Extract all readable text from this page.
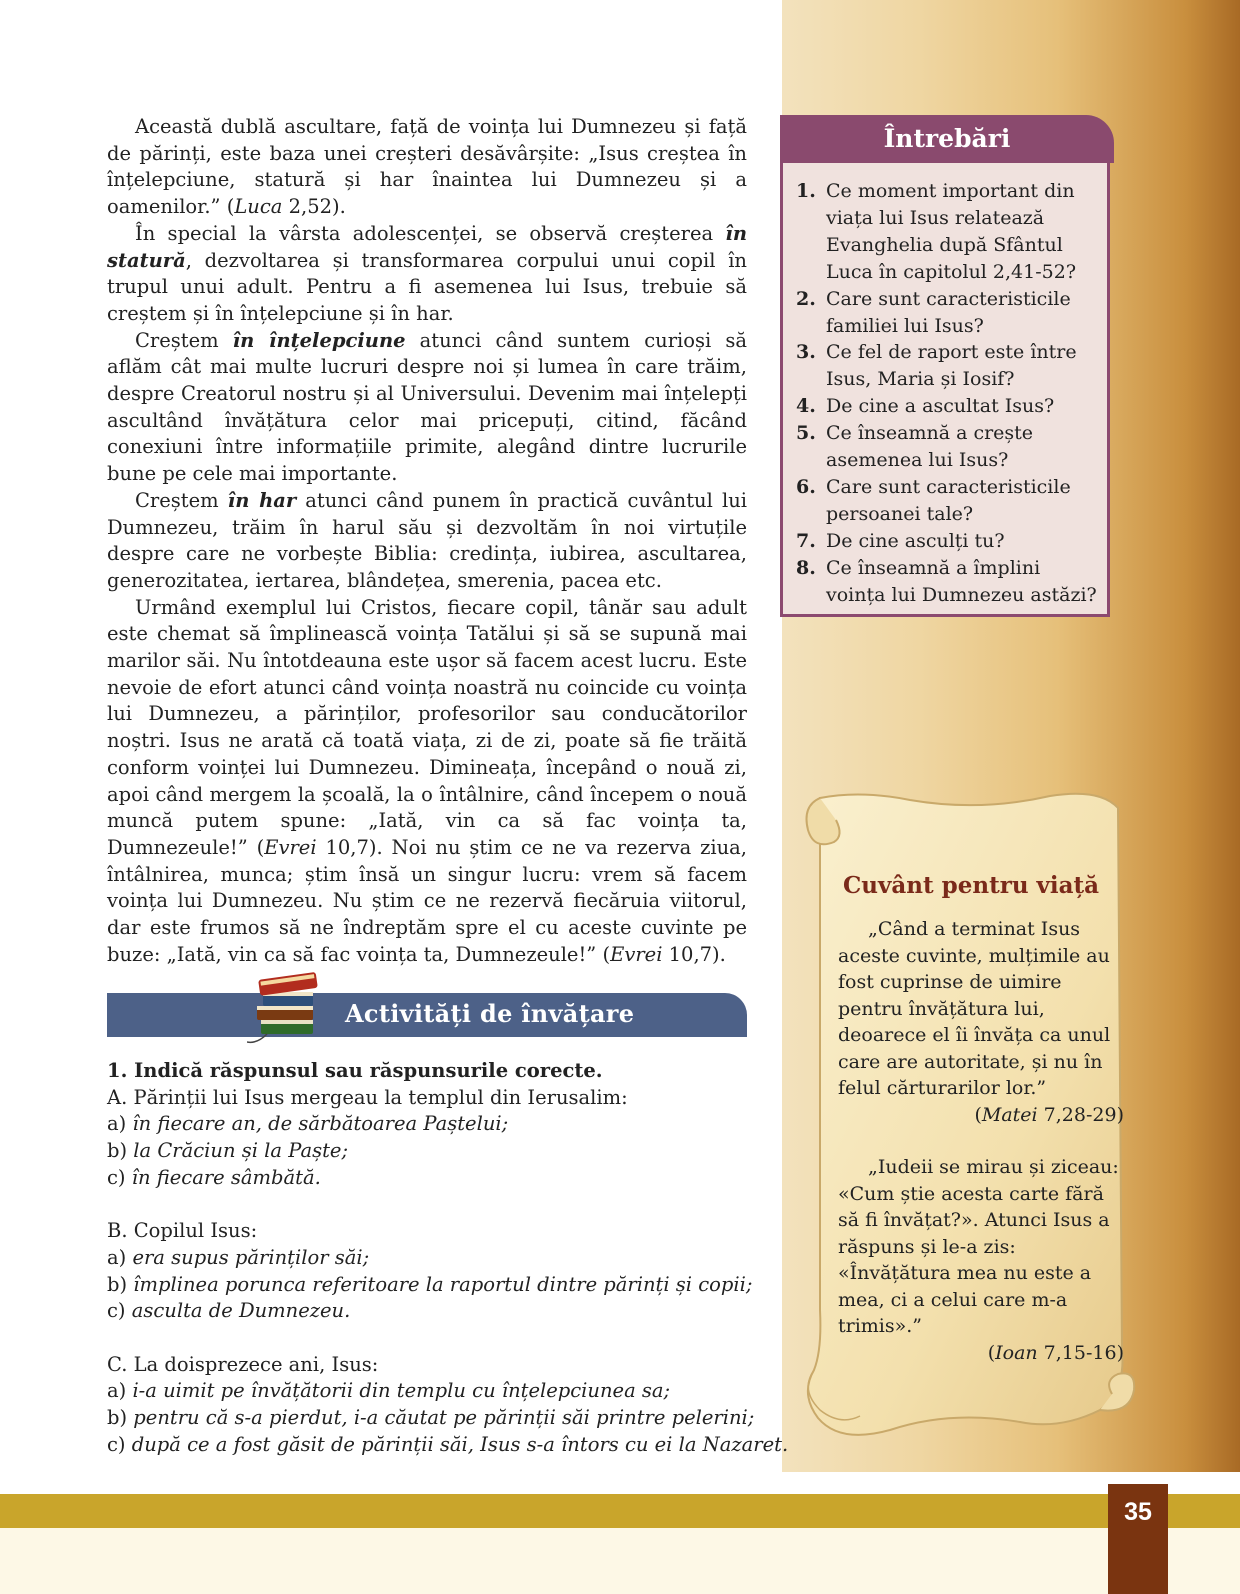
Această dublă ascultare, față de voința lui Dumnezeu și față de părinți, este baza unei creșteri desăvârșite: „Isus creștea în înțelepciune, statură și har înaintea lui Dumnezeu și a oamenilor.” (Luca 2,52).

În special la vârsta adolescenței, se observă creșterea în statură, dezvoltarea și transformarea corpului unui copil în trupul unui adult. Pentru a fi asemenea lui Isus, trebuie să creștem și în înțelepciune și în har.

Creștem în înțelepciune atunci când suntem curioși să aflăm cât mai multe lucruri despre noi și lumea în care trăim, despre Creatorul nostru și al Universului. Devenim mai înțelepți ascultând învățătura celor mai pricepuți, citind, făcând conexiuni între informațiile primite, alegând dintre lucrurile bune pe cele mai importante.

Creștem în har atunci când punem în practică cuvântul lui Dumnezeu, trăim în harul său și dezvoltăm în noi virtuțile despre care ne vorbește Biblia: credința, iubirea, ascultarea, generozitatea, iertarea, blândețea, smerenia, pacea etc.

Urmând exemplul lui Cristos, fiecare copil, tânăr sau adult este chemat să împlinească voința Tatălui și să se supună mai marilor săi. Nu întotdeauna este ușor să facem acest lucru. Este nevoie de efort atunci când voința noastră nu coincide cu voința lui Dumnezeu, a părinților, profesorilor sau conducătorilor noștri. Isus ne arată că toată viața, zi de zi, poate să fie trăită conform voinței lui Dumnezeu. Dimineața, începând o nouă zi, apoi când mergem la școală, la o întâlnire, când începem o nouă muncă putem spune: „Iată, vin ca să fac voința ta, Dumnezeule!” (Evrei 10,7). Noi nu știm ce ne va rezerva ziua, întâlnirea, munca; știm însă un singur lucru: vrem să facem voința lui Dumnezeu. Nu știm ce ne rezervă fiecăruia viitorul, dar este frumos să ne îndreptăm spre el cu aceste cuvinte pe buze: „Iată, vin ca să fac voința ta, Dumnezeule!” (Evrei 10,7).

Activități de învățare
1. Indică răspunsul sau răspunsurile corecte.
A. Părinții lui Isus mergeau la templul din Ierusalim:
a) în fiecare an, de sărbătoarea Paștelui;
b) la Crăciun și la Paște;
c) în fiecare sâmbătă.
B. Copilul Isus:
a) era supus părinților săi;
b) împlinea porunca referitoare la raportul dintre părinți și copii;
c) asculta de Dumnezeu.
C. La doisprezece ani, Isus:
a) i-a uimit pe învățătorii din templu cu înțelepciunea sa;
b) pentru că s-a pierdut, i-a căutat pe părinții săi printre pelerini;
c) după ce a fost găsit de părinții săi, Isus s-a întors cu ei la Nazaret.
Întrebări
1. Ce moment important din viața lui Isus relatează Evanghelia după Sfântul Luca în capitolul 2,41-52?
2. Care sunt caracteristicile familiei lui Isus?
3. Ce fel de raport este între Isus, Maria și Iosif?
4. De cine a ascultat Isus?
5. Ce înseamnă a crește asemenea lui Isus?
6. Care sunt caracteristicile persoanei tale?
7. De cine asculți tu?
8. Ce înseamnă a împlini voința lui Dumnezeu astăzi?
Cuvânt pentru viață
„Când a terminat Isus aceste cuvinte, mulțimile au fost cuprinse de uimire pentru învățătura lui, deoarece el îi învăța ca unul care are autoritate, și nu în felul cărturarilor lor.”
(Matei 7,28-29)
„Iudeii se mirau și ziceau: «Cum știe acesta carte fără să fi învățat?». Atunci Isus a răspuns și le-a zis: «Învățătura mea nu este a mea, ci a celui care m-a trimis».”
(Ioan 7,15-16)
35
